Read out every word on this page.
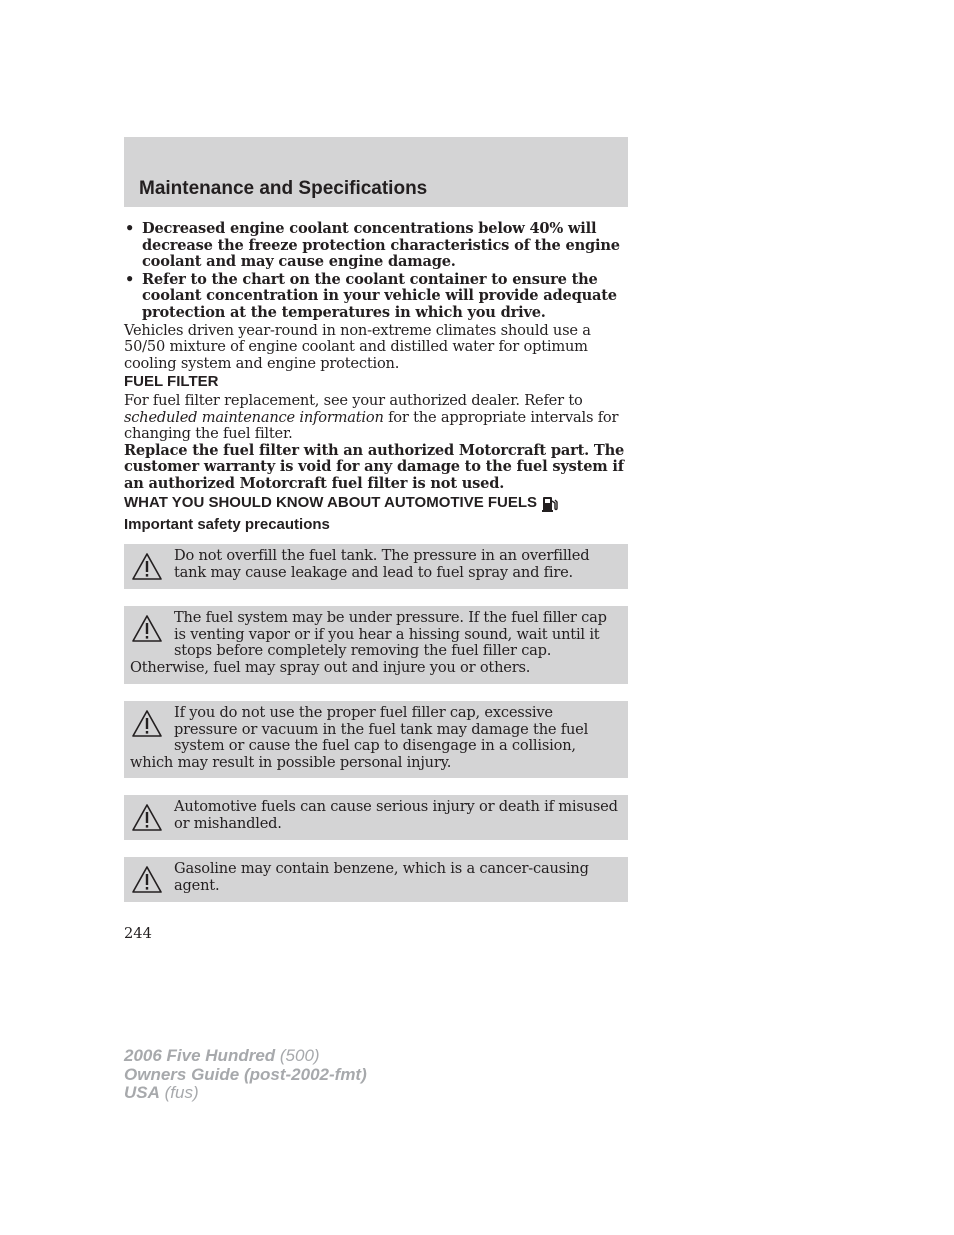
Maintenance and Specifications
• Decreased engine coolant concentrations below 40% will decrease the freeze protection characteristics of the engine coolant and may cause engine damage.
• Refer to the chart on the coolant container to ensure the coolant concentration in your vehicle will provide adequate protection at the temperatures in which you drive.

Vehicles driven year-round in non-extreme climates should use a 50/50 mixture of engine coolant and distilled water for optimum cooling system and engine protection.

FUEL FILTER

For fuel filter replacement, see your authorized dealer. Refer to scheduled maintenance information for the appropriate intervals for changing the fuel filter.

Replace the fuel filter with an authorized Motorcraft part. The customer warranty is void for any damage to the fuel system if an authorized Motorcraft fuel filter is not used.

WHAT YOU SHOULD KNOW ABOUT AUTOMOTIVE FUELS
Important safety precautions

Do not overfill the fuel tank. The pressure in an overfilled tank may cause leakage and lead to fuel spray and fire.

The fuel system may be under pressure. If the fuel filler cap is venting vapor or if you hear a hissing sound, wait until it stops before completely removing the fuel filler cap. Otherwise, fuel may spray out and injure you or others.

If you do not use the proper fuel filler cap, excessive pressure or vacuum in the fuel tank may damage the fuel system or cause the fuel cap to disengage in a collision, which may result in possible personal injury.

Automotive fuels can cause serious injury or death if misused or mishandled.

Gasoline may contain benzene, which is a cancer-causing agent.

244
2006 Five Hundred (500)
Owners Guide (post-2002-fmt)
USA (fus)
